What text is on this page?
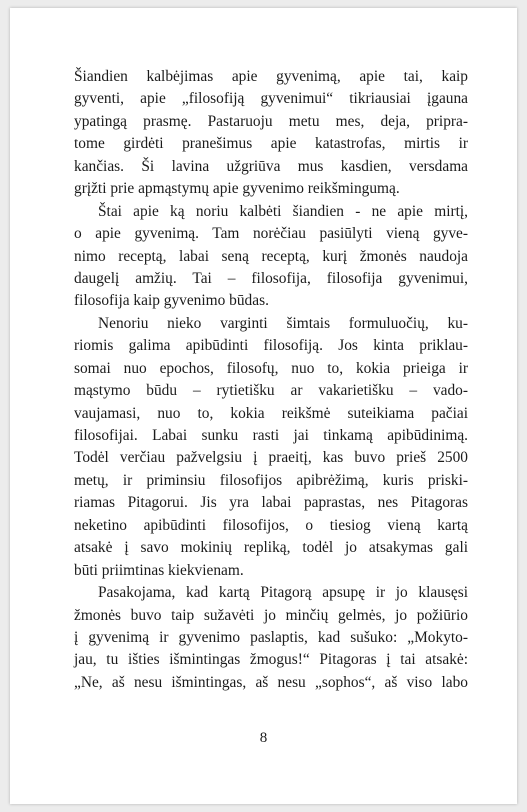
Šiandien kalbėjimas apie gyvenimą, apie tai, kaip
gyventi, apie „filosofiją gyvenimui“ tikriausiai įgauna
ypatingą prasmę. Pastaruoju metu mes, deja, pripra-
tome girdėti pranešimus apie katastrofas, mirtis ir
kančias. Ši lavina užgriūva mus kasdien, versdama
grįžti prie apmąstymų apie gyvenimo reikšmingumą.

Štai apie ką noriu kalbėti šiandien - ne apie mirtį,
o apie gyvenimą. Tam norėčiau pasiūlyti vieną gyve-
nimo receptą, labai seną receptą, kurį žmonės naudoja
daugelį amžių. Tai – filosofija, filosofija gyvenimui,
filosofija kaip gyvenimo būdas.

Nenoriu nieko varginti šimtais formuluočių, ku-
riomis galima apibūdinti filosofiją. Jos kinta priklau-
somai nuo epochos, filosofų, nuo to, kokia prieiga ir
mąstymo būdu – rytietišku ar vakarietišku – vado-
vaujamasi, nuo to, kokia reikšmė suteikiama pačiai
filosofijai. Labai sunku rasti jai tinkamą apibūdinimą.
Todėl verčiau pažvelgsiu į praeitį, kas buvo prieš 2500
metų, ir priminsiu filosofijos apibrėžimą, kuris priski-
riamas Pitagorui. Jis yra labai paprastas, nes Pitagoras
neketino apibūdinti filosofijos, o tiesiog vieną kartą
atsakė į savo mokinių repliką, todėl jo atsakymas gali
būti priimtinas kiekvienam.

Pasakojama, kad kartą Pitagorą apsupę ir jo klausęsi
žmonės buvo taip sužavėti jo minčių gelmės, jo požiūrio
į gyvenimą ir gyvenimo paslaptis, kad sušuko: „Mokyto-
jau, tu išties išmintingas žmogus!“ Pitagoras į tai atsakė:
„Ne, aš nesu išmintingas, aš nesu „sophos“, aš viso labo

8
